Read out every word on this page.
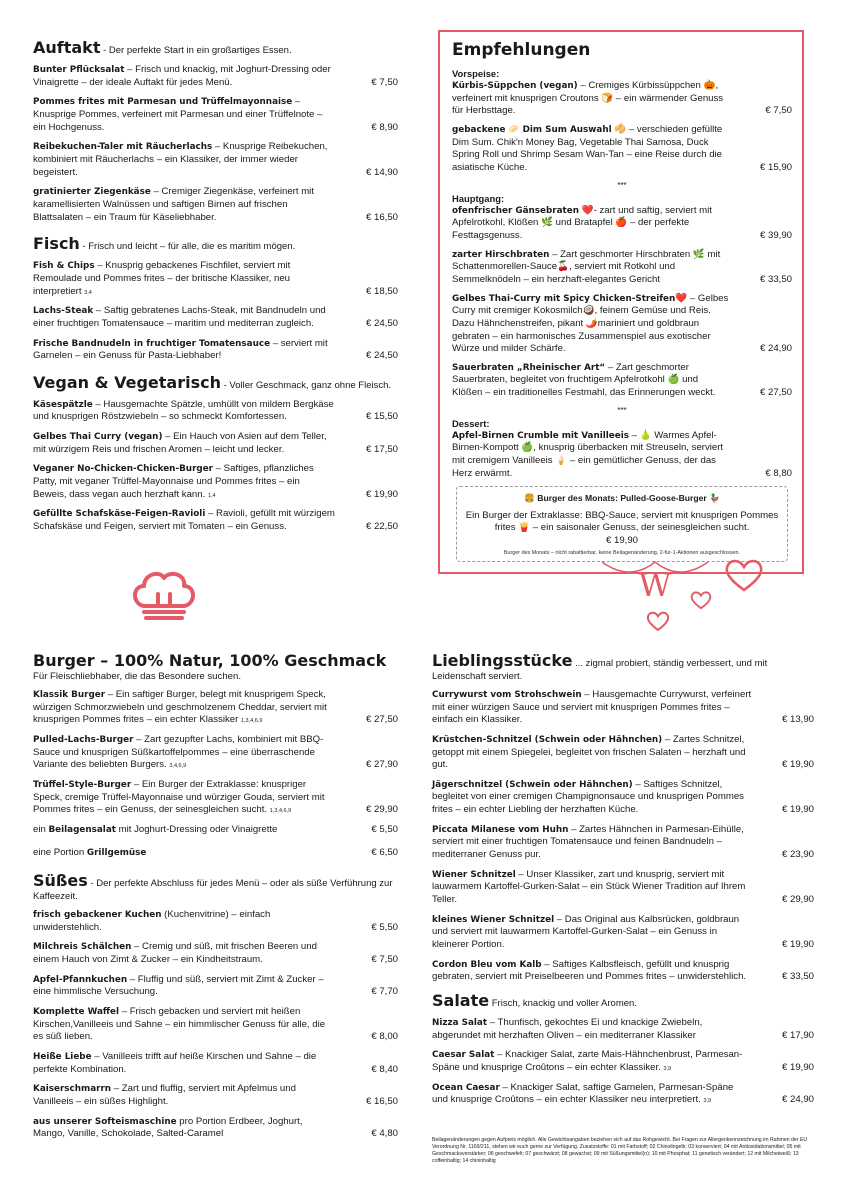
Auftakt - Der perfekte Start in ein großartiges Essen.
Bunter Pflücksalat – Frisch und knackig, mit Joghurt-Dressing oder Vinaigrette – der ideale Auftakt für jedes Menü.	€ 7,50
Pommes frites mit Parmesan und Trüffelmayonnaise – Knusprige Pommes, verfeinert mit Parmesan und einer Trüffelnote – ein Hochgenuss.	€ 8,90
Reibekuchen-Taler mit Räucherlachs – Knusprige Reibekuchen, kombiniert mit Räucherlachs – ein Klassiker, der immer wieder begeistert.	€ 14,90
gratinierter Ziegenkäse – Cremiger Ziegenkäse, verfeinert mit karamellisierten Walnüssen und saftigen Birnen auf frischen Blattsalaten – ein Traum für Käseliebhaber.	€ 16,50
Fisch - Frisch und leicht – für alle, die es maritim mögen.
Fish & Chips – Knusprig gebackenes Fischfilet, serviert mit Remoulade und Pommes frites – der britische Klassiker, neu interpretiert 3,4	€ 18,50
Lachs-Steak – Saftig gebratenes Lachs-Steak, mit Bandnudeln und einer fruchtigen Tomatensauce – maritim und mediterran zugleich.	€ 24,50
Frische Bandnudeln in fruchtiger Tomatensauce – serviert mit Garnelen – ein Genuss für Pasta-Liebhaber!	€ 24,50
Vegan & Vegetarisch - Voller Geschmack, ganz ohne Fleisch.
Käsespätzle – Hausgemachte Spätzle, umhüllt von mildem Bergkäse und knusprigen Röstzwiebeln – so schmeckt Komfortessen.	€ 15,50
Gelbes Thai Curry (vegan) – Ein Hauch von Asien auf dem Teller, mit würzigem Reis und frischen Aromen – leicht und lecker.	€ 17,50
Veganer No-Chicken-Chicken-Burger – Saftiges, pflanzliches Patty, mit veganer Trüffel-Mayonnaise und Pommes frites – ein Beweis, dass vegan auch herzhaft kann. 1,4	€ 19,90
Gefüllte Schafskäse-Feigen-Ravioli – Ravioli, gefüllt mit würzigem Schafskäse und Feigen, serviert mit Tomaten – ein Genuss.	€ 22,50
Empfehlungen
Vorspeise:
Kürbis-Süppchen (vegan) – Cremiges Kürbissüppchen 🎃, verfeinert mit knusprigen Croutons 🍞 – ein wärmender Genuss für Herbsttage.	€ 7,50
gebackene 🥟 Dim Sum Auswahl 🥠 – verschieden gefüllte Dim Sum. Chik'n Money Bag, Vegetable Thai Samosa, Duck Spring Roll und Shrimp Sesam Wan-Tan – eine Reise durch die asiatische Küche.	€ 15,90
***
Hauptgang:
ofenfrischer Gänsebraten ❤️- zart und saftig, serviert mit Apfelrotkohl, Klößen 🌿 und Bratapfel 🍎 – der perfekte Festtagsgenuss.	€ 39,90
zarter Hirschbraten – Zart geschmorter Hirschbraten 🌿 mit Schattenmorellen-Sauce🍒, serviert mit Rotkohl und Semmelknödeln – ein herzhaft-elegantes Gericht	€ 33,50
Gelbes Thai-Curry mit Spicy Chicken-Streifen❤️ – Gelbes Curry mit cremiger Kokosmilch🥥, feinem Gemüse und Reis. Dazu Hähnchenstreifen, pikant 🌶️mariniert und goldbraun gebraten – ein harmonisches Zusammenspiel aus exotischer Würze und milder Schärfe.	€ 24,90
Sauerbraten „Rheinischer Art“ – Zart geschmorter Sauerbraten, begleitet von fruchtigem Apfelrotkohl 🍏 und Klößen – ein traditionelles Festmahl, das Erinnerungen weckt.	€ 27,50
***
Dessert:
Apfel-Birnen Crumble mit Vanilleeis – 🍐 Warmes Apfel-Birnen-Kompott 🍏, knusprig überbacken mit Streuseln, serviert mit cremigem Vanilleeis 🍦 – ein gemütlicher Genuss, der das Herz erwärmt.	€ 8,80
🍔 Burger des Monats: Pulled-Goose-Burger 🦆
Ein Burger der Extraklasse: BBQ-Sauce, serviert mit knusprigen Pommes frites 🍟 – ein saisonaler Genuss, der seinesgleichen sucht.
€ 19,90
Burger des Monats – nicht rabattierbar, keine Beilagenänderung, 2-für-1-Aktionen ausgeschlossen.
W
Burger – 100% Natur, 100% Geschmack
Für Fleischliebhaber, die das Besondere suchen.
Klassik Burger – Ein saftiger Burger, belegt mit knusprigem Speck, würzigen Schmorzwiebeln und geschmolzenem Cheddar, serviert mit knusprigen Pommes frites – ein echter Klassiker 1,3,4,6,9	€ 27,50
Pulled-Lachs-Burger – Zart gezupfter Lachs, kombiniert mit BBQ-Sauce und knusprigen Süßkartoffelpommes – eine überraschende Variante des beliebten Burgers. 3,4,6,9	€ 27,90
Trüffel-Style-Burger – Ein Burger der Extraklasse: knuspriger Speck, cremige Trüffel-Mayonnaise und würziger Gouda, serviert mit Pommes frites – ein Genuss, der seinesgleichen sucht. 1,3,4,6,9	€ 29,90
ein Beilagensalat mit Joghurt-Dressing oder Vinaigrette	€ 5,50
eine Portion Grillgemüse	€ 6,50
Süßes - Der perfekte Abschluss für jedes Menü – oder als süße Verführung zur Kaffeezeit.
frisch gebackener Kuchen (Kuchenvitrine) – einfach unwiderstehlich.	€ 5,50
Milchreis Schälchen – Cremig und süß, mit frischen Beeren und einem Hauch von Zimt & Zucker – ein Kindheitstraum.	€ 7,50
Apfel-Pfannkuchen – Fluffig und süß, serviert mit Zimt & Zucker – eine himmlische Versuchung.	€ 7,70
Komplette Waffel – Frisch gebacken und serviert mit heißen Kirschen,Vanilleeis und Sahne – ein himmlischer Genuss für alle, die es süß lieben.	€ 8,00
Heiße Liebe – Vanilleeis trifft auf heiße Kirschen und Sahne – die perfekte Kombination.	€ 8,40
Kaiserschmarrn – Zart und fluffig, serviert mit Apfelmus und Vanilleeis – ein süßes Highlight.	€ 16,50
aus unserer Softeismaschine pro Portion Erdbeer, Joghurt, Mango, Vanille, Schokolade, Salted-Caramel	€ 4,80
Lieblingsstücke ... zigmal probiert, ständig verbessert, und mit Leidenschaft serviert.
Currywurst vom Strohschwein – Hausgemachte Currywurst, verfeinert mit einer würzigen Sauce und serviert mit knusprigen Pommes frites – einfach ein Klassiker.	€ 13,90
Krüstchen-Schnitzel (Schwein oder Hähnchen) – Zartes Schnitzel, getoppt mit einem Spiegelei, begleitet von frischen Salaten – herzhaft und gut.	€ 19,90
Jägerschnitzel (Schwein oder Hähnchen) – Saftiges Schnitzel, begleitet von einer cremigen Champignonsauce und knusprigen Pommes frites – ein echter Liebling der herzhaften Küche.	€ 19,90
Piccata Milanese vom Huhn – Zartes Hähnchen in Parmesan-Eihülle, serviert mit einer fruchtigen Tomatensauce und feinen Bandnudeln – mediterraner Genuss pur.	€ 23,90
Wiener Schnitzel – Unser Klassiker, zart und knusprig, serviert mit lauwarmem Kartoffel-Gurken-Salat – ein Stück Wiener Tradition auf Ihrem Teller.	€ 29,90
kleines Wiener Schnitzel – Das Original aus Kalbsrücken, goldbraun und serviert mit lauwarmem Kartoffel-Gurken-Salat – ein Genuss in kleinerer Portion.	€ 19,90
Cordon Bleu vom Kalb – Saftiges Kalbsfleisch, gefüllt und knusprig gebraten, serviert mit Preiselbeeren und Pommes frites – unwiderstehlich.	€ 33,50
Salate Frisch, knackig und voller Aromen.
Nizza Salat – Thunfisch, gekochtes Ei und knackige Zwiebeln, abgerundet mit herzhaften Oliven – ein mediterraner Klassiker	€ 17,90
Caesar Salat – Knackiger Salat, zarte Mais-Hähnchenbrust, Parmesan-Späne und knusprige Croûtons – ein echter Klassiker. 3,9	€ 19,90
Ocean Caesar – Knackiger Salat, saftige Garnelen, Parmesan-Späne und knusprige Croûtons – ein echter Klassiker neu interpretiert. 3,9	€ 24,90
Beilagenänderungen gegen Aufpreis möglich. Alle Gewichtsangaben beziehen sich auf das Rohgewicht. Bei Fragen zur Allergenkennzeichnung im Rahmen der EU Verordnung Nr. 1169/211, stehen wir euch gerne zur Verfügung. Zusatzstoffe: 01 mit Farbstoff; 02 Chinolingelb; 03 konserviert; 04 mit Antioxidationsmittel; 05 mit Geschmacksverstärker; 06 geschwefelt; 07 geschwärzt; 08 gewachst; 09 mit Süßungsmittel(n); 10 mit Phosphat; 11 genetisch verändert; 12 mit Milcheiweiß; 13 coffeinhaltig; 14 chininhaltig
